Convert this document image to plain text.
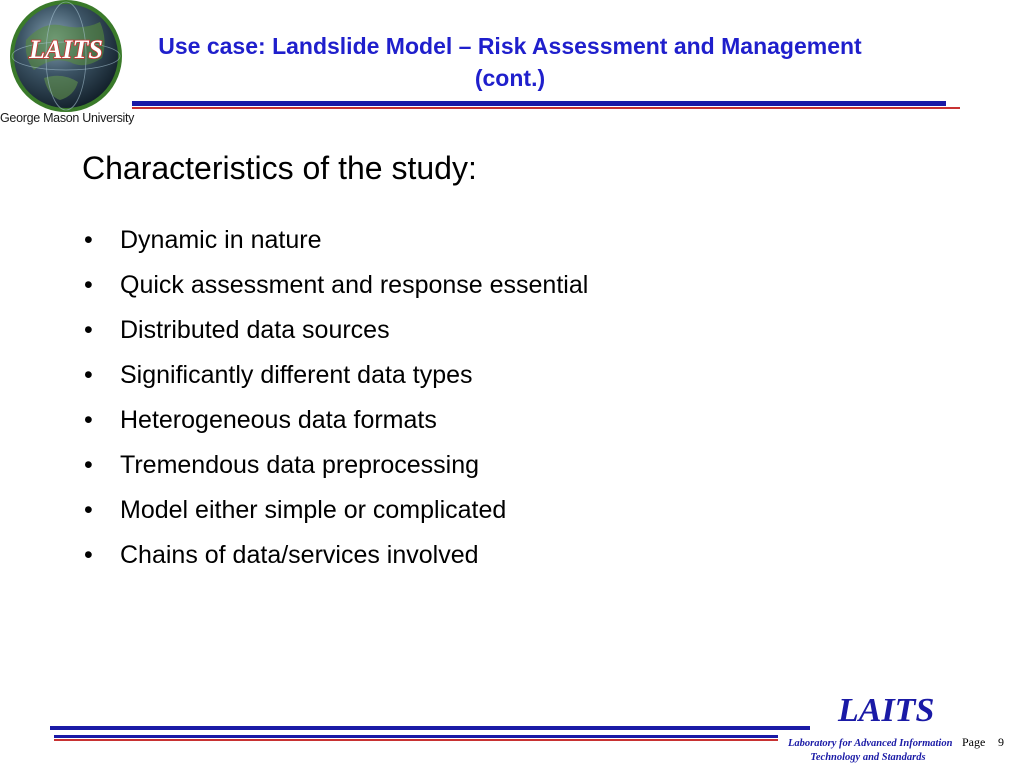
LAITS
George Mason University
Use case: Landslide Model – Risk Assessment and Management (cont.)
Characteristics of the study:
• Dynamic in nature
• Quick assessment and response essential
• Distributed data sources
• Significantly different data types
• Heterogeneous data formats
• Tremendous data preprocessing
• Model either simple or complicated
• Chains of data/services involved
LAITS
Laboratory for Advanced Information
Technology and Standards
Page 9
